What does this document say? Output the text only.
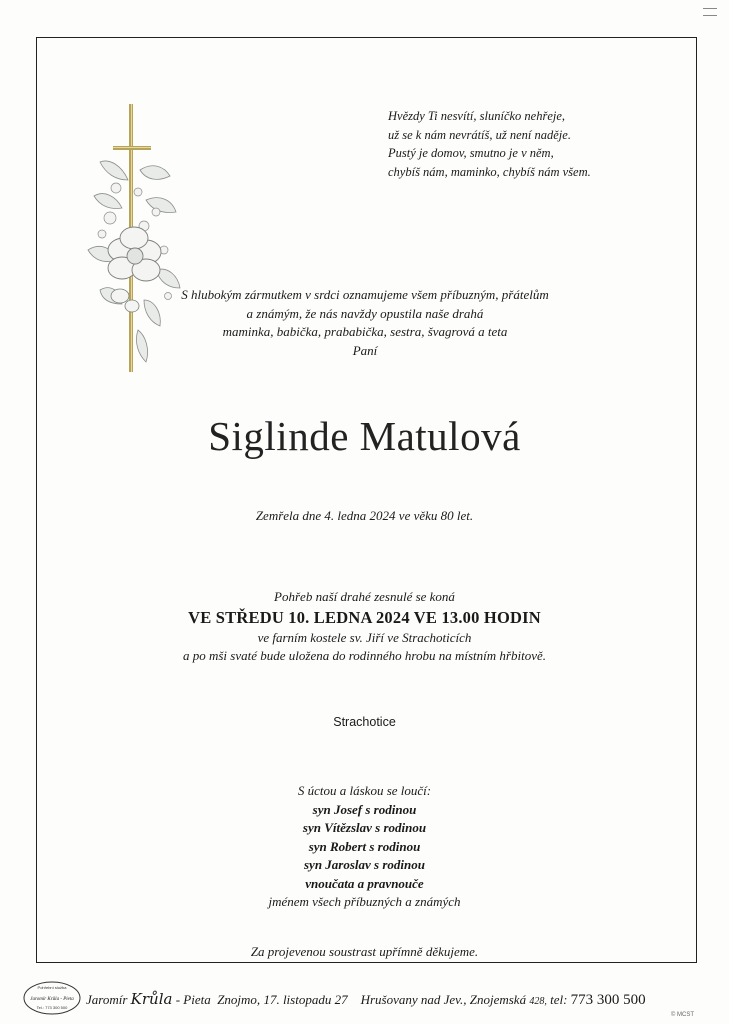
Hvězdy Ti nesvítí, sluníčko nehřeje,
už se k nám nevrátíš, už není naděje.
Pustý je domov, smutno je v něm,
chybíš nám, maminko, chybíš nám všem.
S hlubokým zármutkem v srdci oznamujeme všem příbuzným, přátelům
a známým, že nás navždy opustila naše drahá
maminka, babička, prababička, sestra, švagrová a teta
Paní
Siglinde Matulová
Zemřela dne 4. ledna 2024 ve věku 80 let.
Pohřeb naší drahé zesnulé se koná
VE STŘEDU 10. LEDNA 2024 VE 13.00 HODIN
ve farním kostele sv. Jiří ve Strachoticích
a po mši svaté bude uložena do rodinného hrobu na místním hřbitově.
Strachotice
S úctou a láskou se loučí:
syn Josef s rodinou
syn Vítězslav s rodinou
syn Robert s rodinou
syn Jaroslav s rodinou
vnoučata a pravnouče
jménem všech příbuzných a známých
Za projevenou soustrast upřímně děkujeme.
Pohřební služba
Jaromír Krůla - Pieta
Tel.: 773 300 500
Jaromír Krůla - Pieta Znojmo, 17. listopadu 27 Hrušovany nad Jev., Znojemská 428, tel: 773 300 500
© MCST
